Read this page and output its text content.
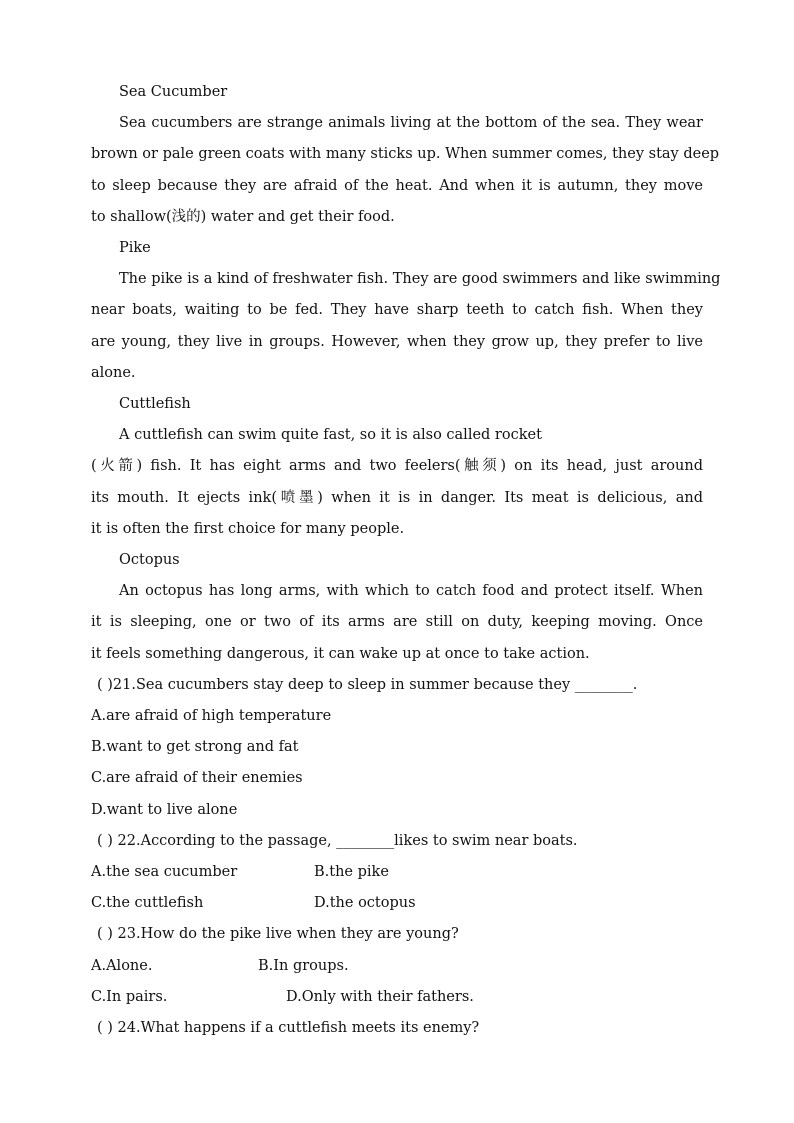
Sea Cucumber
Sea cucumbers are strange animals living at the bottom of the sea. They wear
brown or pale green coats with many sticks up. When summer comes, they stay deep
to sleep because they are afraid of the heat. And when it is autumn, they move
to shallow(浅的) water and get their food.
Pike
The pike is a kind of freshwater fish. They are good swimmers and like swimming
near boats, waiting to be fed. They have sharp teeth to catch fish. When they
are young, they live in groups. However, when they grow up, they prefer to live
alone.
Cuttlefish
A cuttlefish can swim quite fast, so it is also called rocket
(火箭) fish. It has eight arms and two feelers(触须) on its head, just around
its mouth. It ejects ink(喷墨) when it is in danger. Its meat is delicious, and
it is often the first choice for many people.
Octopus
An octopus has long arms, with which to catch food and protect itself. When
it is sleeping, one or two of its arms are still on duty, keeping moving. Once
it feels something dangerous, it can wake up at once to take action.
( )21.Sea cucumbers stay deep to sleep in summer because they ________.
A.are afraid of high temperature
B.want to get strong and fat
C.are afraid of their enemies
D.want to live alone
( ) 22.According to the passage, ________likes to swim near boats.
A.the sea cucumber	B.the pike
C.the cuttlefish	D.the octopus
( ) 23.How do the pike live when they are young?
A.Alone.	B.In groups.
C.In pairs.	D.Only with their fathers.
( ) 24.What happens if a cuttlefish meets its enemy?
